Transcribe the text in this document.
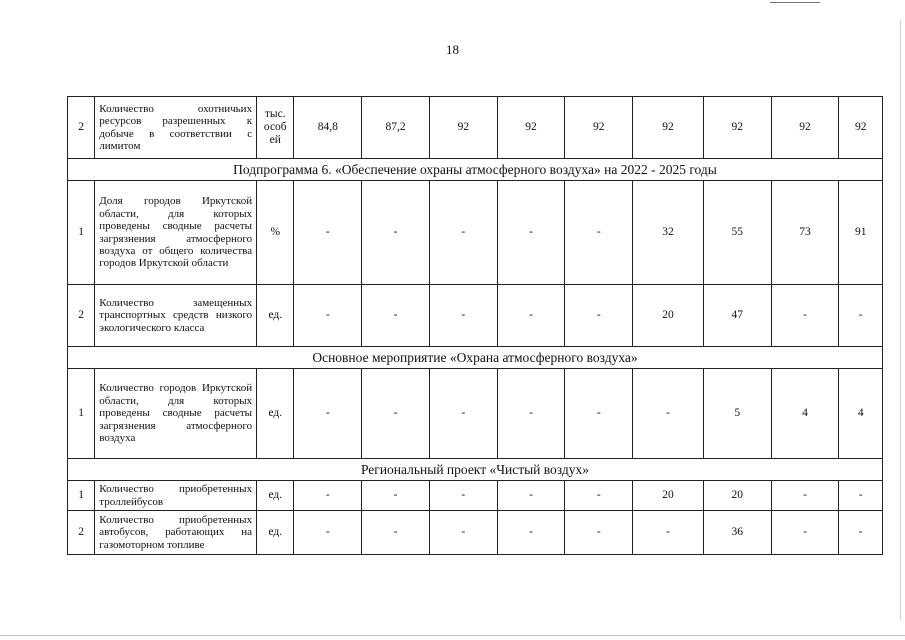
18
2	Количество охотничьих ресурсов разрешенных к добыче в соответствии с лимитом	тыс. особ ей	84,8	87,2	92	92	92	92	92	92	92
Подпрограмма 6. «Обеспечение охраны атмосферного воздуха» на 2022 - 2025 годы											
1	Доля городов Иркутской области, для которых проведены сводные расчеты загрязнения атмосферного воздуха от общего количества городов Иркутской области	%	-	-	-	-	-	32	55	73	91
2	Количество замещенных транспортных средств низкого экологического класса	ед.	-	-	-	-	-	20	47	-	-
Основное мероприятие «Охрана атмосферного воздуха»											
1	Количество городов Иркутской области, для которых проведены сводные расчеты загрязнения атмосферного воздуха	ед.	-	-	-	-	-	-	5	4	4
Региональный проект «Чистый воздух»											
1	Количество приобретенных троллейбусов	ед.	-	-	-	-	-	20	20	-	-
2	Количество приобретенных автобусов, работающих на газомоторном топливе	ед.	-	-	-	-	-	-	36	-	-
